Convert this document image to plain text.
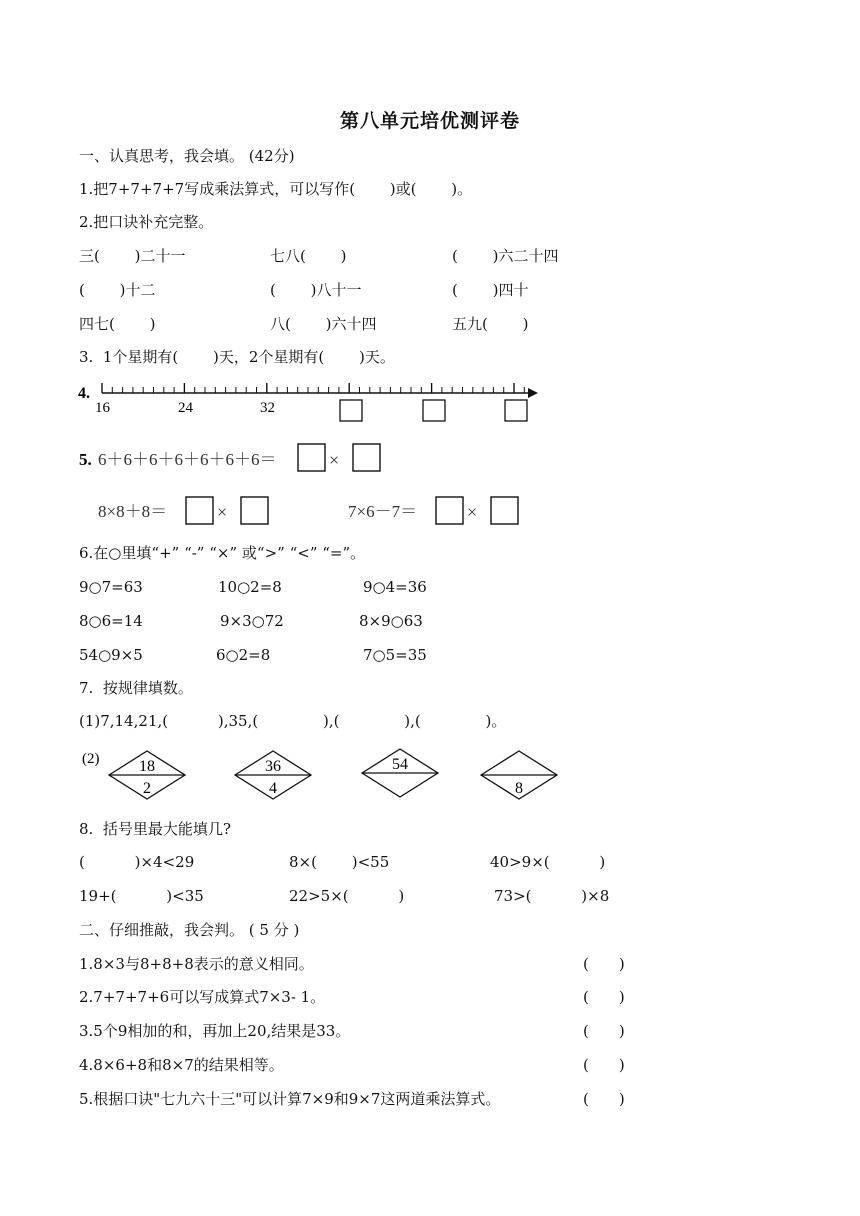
第八单元培优测评卷
一、认真思考，我会填。 (42分)
1.把7+7+7+7写成乘法算式，可以写作(　　 )或(　　 )。
2.把口诀补充完整。
三(　　 )二十一	七八(　　 )	(　　 )六二十四
(　　 )十二	(　　 )八十一	(　　 )四十
四七(　　 )	八(　　 )六十四	五九(　　 )
3.  1个星期有(　　 )天，2个星期有(　　 )天。
4.
16	24	32
5. 6＋6＋6＋6＋6＋6＋6＝	×
8×8＋8＝	×	7×6－7＝	×
6.在○里填“+” “-” “×” 或“>” “<” “=”。
9○7=63	10○2=8	9○4=36
8○6=14	9×3○72	8×9○63
54○9×5	6○2=8	7○5=35
7.  按规律填数。
(1)7,14,21,(　　　 ),35,(　　　　 ),(　　　　 ),(　　　　 )。
(2) 18
2
36
4
54
8
8.  括号里最大能填几?
(　　　 )×4<29	8×(　　 )<55	40>9×(　　　 )
19+(　　　 )<35	22>5×(　　　 )	73>(　　　 )×8
二、仔细推敲，我会判。 ( 5 分 )
1.8×3与8+8+8表示的意义相同。	(　　)
2.7+7+7+6可以写成算式7×3- 1。	(　　)
3.5个9相加的和，再加上20,结果是33。	(　　)
4.8×6+8和8×7的结果相等。	(　　)
5.根据口诀"七九六十三"可以计算7×9和9×7这两道乘法算式。	(　　)
